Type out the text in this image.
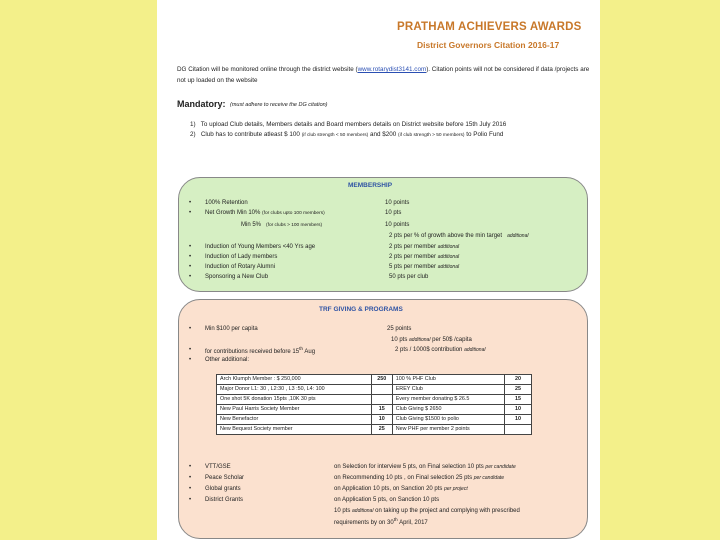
PRATHAM ACHIEVERS AWARDS
District Governors Citation 2016-17
DG Citation will be monitored online through the district website (www.rotarydist3141.com). Citation points will not be considered if data /projects are not up loaded on the website
Mandatory: (must adhere to receive the DG citation)
1) To upload Club details, Members details and Board members details on District website before 15th July 2016
2) Club has to contribute atleast $ 100 (if club strength < 50 members) and $200 (if club strength > 50 members) to Polio Fund
MEMBERSHIP
• 100% Retention	10 points
• Net Growth Min 10% (for clubs upto 100 members)	10 pts
Min 5% (for clubs > 100 members)	10 points
2 pts per % of growth above the min target additional
• Induction of Young Members <40 Yrs age	2 pts per member additional
• Induction of Lady members	2 pts per member additional
• Induction of Rotary Alumni	5 pts per member additional
• Sponsoring a New Club	50 pts per club
TRF GIVING & PROGRAMS
• Min $100 per capita	25 points
10 pts additional per 50$ /capita
• for contributions received before 15th Aug	2 pts / 1000$ contribution additional
• Other additional:
• VTT/GSE	on Selection for interview 5 pts, on Final selection 10 pts per candidate
• Peace Scholar	on Recommending 10 pts , on Final selection 25 pts per candidate
• Global grants	on Application 10 pts, on Sanction 20 pts per project
• District Grants	on Application 5 pts, on Sanction 10 pts
10 pts additional on taking up the project and complying with prescribed
requirements by on 30th April, 2017
Arch Klumph Member : $ 250,000	250	100 % PHF Club	20
Major Donor L1: 30 , L2:30 , L3 :50, L4: 100		EREY Club	25
One shot 5K donation 15pts ,10K 30 pts		Every member donating $ 26.5	15
New Paul Harris Society Member	15	Club Giving $ 2650	10
New Benefactor	10	Club Giving $1500 to polio	10
New Bequest Society member	25	New PHF per member 2 points	
